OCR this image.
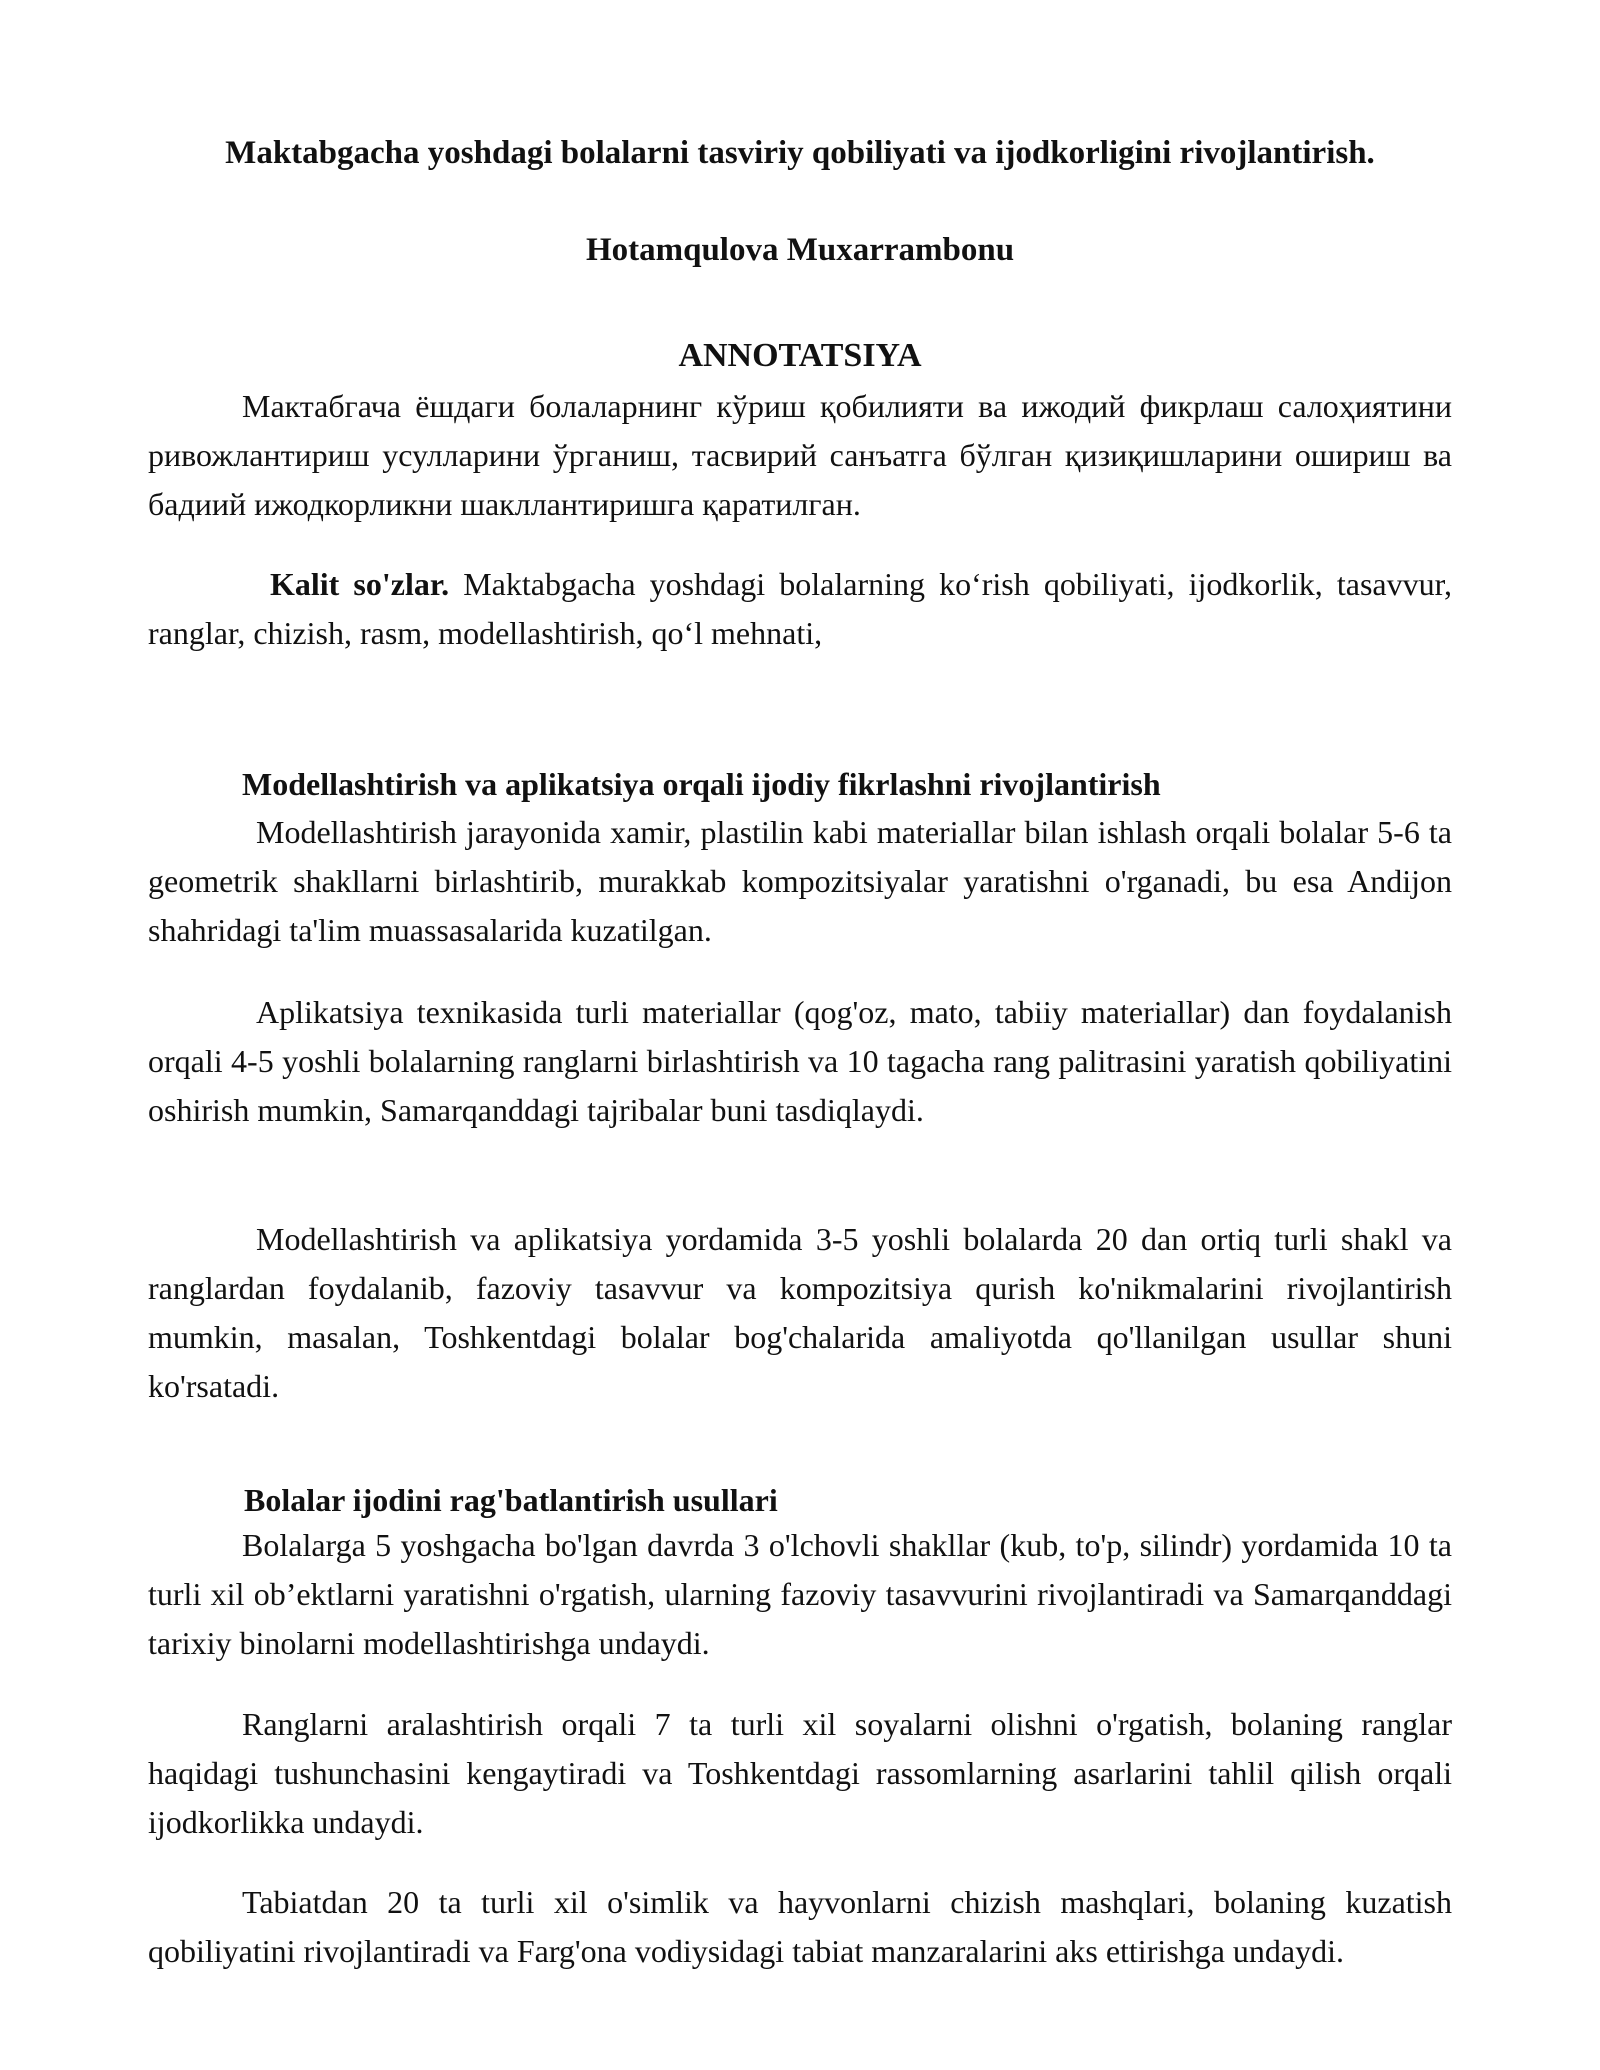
Maktabgacha yoshdagi bolalarni tasviriy qobiliyati va ijodkorligini rivojlantirish.

Hotamqulova Muxarrambonu

ANNOTATSIYA

Мактабгача ёшдаги болаларнинг кўриш қобилияти ва ижодий фикрлаш салоҳиятини ривожлантириш усулларини ўрганиш, тасвирий санъатга бўлган қизиқишларини ошириш ва бадиий ижодкорликни шакллантиришга қаратилган.

Kalit so'zlar. Maktabgacha yoshdagi bolalarning ko‘rish qobiliyati, ijodkorlik, tasavvur, ranglar, chizish, rasm, modellashtirish, qo‘l mehnati,

Modellashtirish va aplikatsiya orqali ijodiy fikrlashni rivojlantirish

Modellashtirish jarayonida xamir, plastilin kabi materiallar bilan ishlash orqali bolalar 5-6 ta geometrik shakllarni birlashtirib, murakkab kompozitsiyalar yaratishni o'rganadi, bu esa Andijon shahridagi ta'lim muassasalarida kuzatilgan.

Aplikatsiya texnikasida turli materiallar (qog'oz, mato, tabiiy materiallar) dan foydalanish orqali 4-5 yoshli bolalarning ranglarni birlashtirish va 10 tagacha rang palitrasini yaratish qobiliyatini oshirish mumkin, Samarqanddagi tajribalar buni tasdiqlaydi.

Modellashtirish va aplikatsiya yordamida 3-5 yoshli bolalarda 20 dan ortiq turli shakl va ranglardan foydalanib, fazoviy tasavvur va kompozitsiya qurish ko'nikmalarini rivojlantirish mumkin, masalan, Toshkentdagi bolalar bog'chalarida amaliyotda qo'llanilgan usullar shuni ko'rsatadi.

Bolalar ijodini rag'batlantirish usullari

Bolalarga 5 yoshgacha bo'lgan davrda 3 o'lchovli shakllar (kub, to'p, silindr) yordamida 10 ta turli xil ob’ektlarni yaratishni o'rgatish, ularning fazoviy tasavvurini rivojlantiradi va Samarqanddagi tarixiy binolarni modellashtirishga undaydi.

Ranglarni aralashtirish orqali 7 ta turli xil soyalarni olishni o'rgatish, bolaning ranglar haqidagi tushunchasini kengaytiradi va Toshkentdagi rassomlarning asarlarini tahlil qilish orqali ijodkorlikka undaydi.

Tabiatdan 20 ta turli xil o'simlik va hayvonlarni chizish mashqlari, bolaning kuzatish qobiliyatini rivojlantiradi va Farg'ona vodiysidagi tabiat manzaralarini aks ettirishga undaydi.
